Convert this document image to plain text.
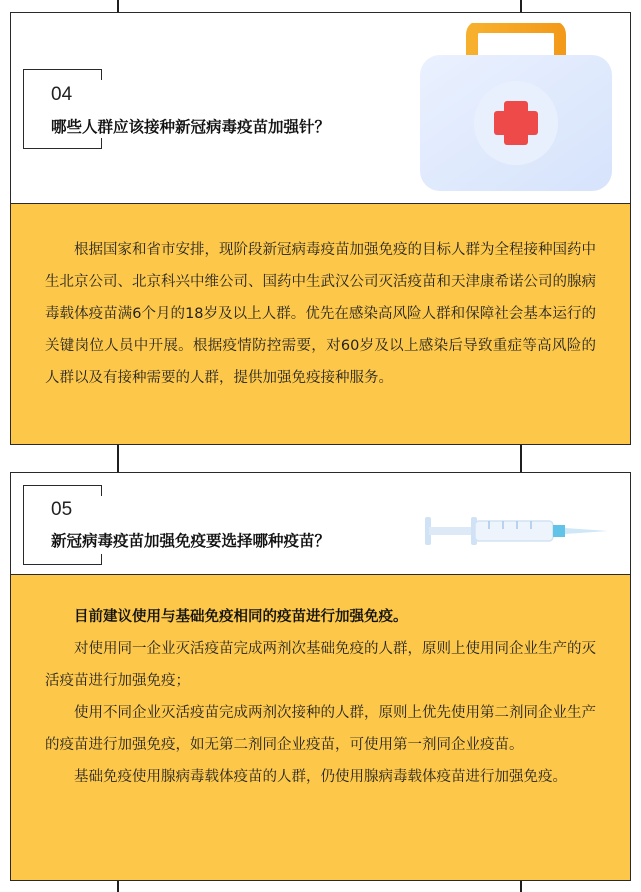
04
哪些人群应该接种新冠病毒疫苗加强针？

根据国家和省市安排，现阶段新冠病毒疫苗加强免疫的目标人群为全程接种国药中生北京公司、北京科兴中维公司、国药中生武汉公司灭活疫苗和天津康希诺公司的腺病毒载体疫苗满6个月的18岁及以上人群。优先在感染高风险人群和保障社会基本运行的关键岗位人员中开展。根据疫情防控需要，对60岁及以上感染后导致重症等高风险的人群以及有接种需要的人群，提供加强免疫接种服务。

05
新冠病毒疫苗加强免疫要选择哪种疫苗？

目前建议使用与基础免疫相同的疫苗进行加强免疫。

对使用同一企业灭活疫苗完成两剂次基础免疫的人群，原则上使用同企业生产的灭活疫苗进行加强免疫；

使用不同企业灭活疫苗完成两剂次接种的人群，原则上优先使用第二剂同企业生产的疫苗进行加强免疫，如无第二剂同企业疫苗，可使用第一剂同企业疫苗。

基础免疫使用腺病毒载体疫苗的人群，仍使用腺病毒载体疫苗进行加强免疫。
